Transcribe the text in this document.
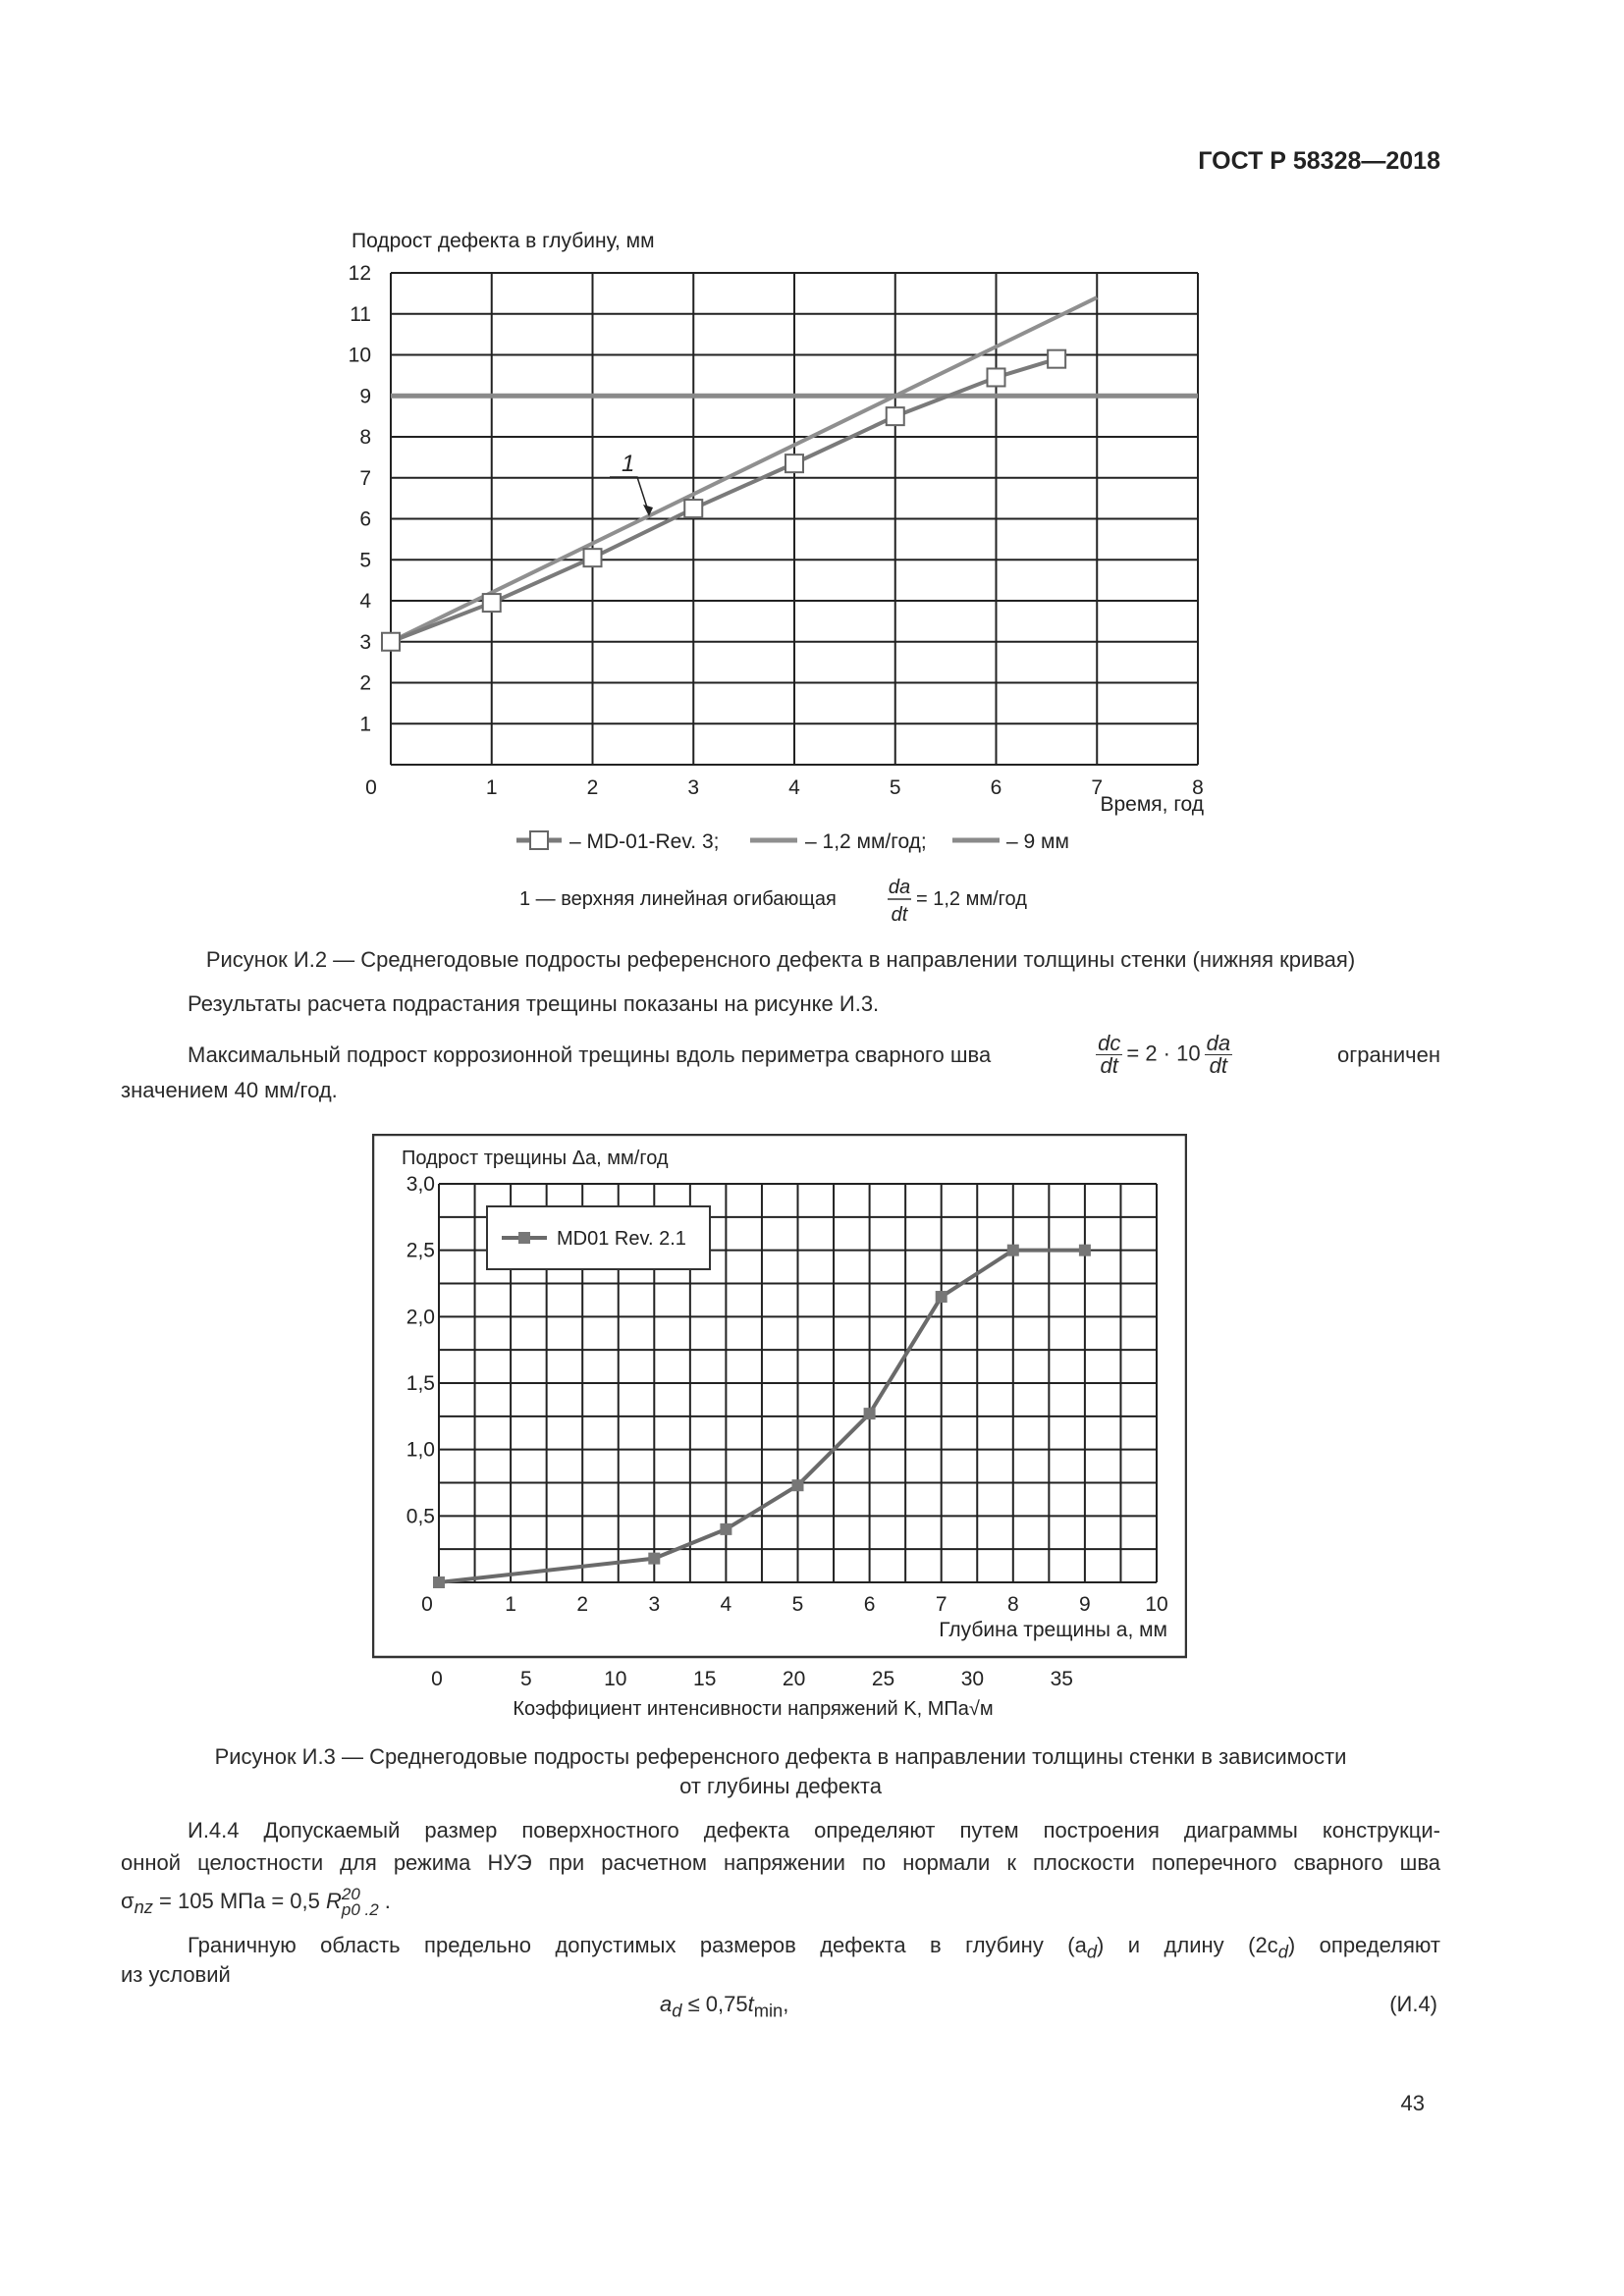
ГОСТ Р 58328—2018
0	1	2	3	4	5	6	7	8
1
2
3
4
5
6
7
8
9
10
11
12
Подрост дефекта в глубину, мм
Время, год
1
– MD-01-Rev. 3;	– 1,2 мм/год;	– 9 мм
1 — верхняя линейная огибающая
da
dt
= 1,2 мм/год
Рисунок И.2 — Среднегодовые подросты референсного дефекта в направлении толщины стенки (нижняя кривая)
Результаты расчета подрастания трещины показаны на рисунке И.3.
Максимальный подрост коррозионной трещины вдоль периметра сварного шва	$\frac{dc}{dt} = 2 \cdot 10 \frac{da}{dt}$	ограничен
значением 40 мм/год.
0	1	2	3	4	5	6	7	8	9	10
0,5
1,0
1,5
2,0
2,5
3,0
Подрост трещины Δa, мм/год
Глубина трещины a, мм
MD01 Rev. 2.1
0	5	10	15	20	25	30	35
Коэффициент интенсивности напряжений K, МПа√м
Рисунок И.3 — Среднегодовые подросты референсного дефекта в направлении толщины стенки в зависимости
от глубины дефекта
И.4.4 Допускаемый размер поверхностного дефекта определяют путем построения диаграммы конструкци-
онной целостности для режима НУЭ при расчетном напряжении по нормали к плоскости поперечного сварного шва
$\sigma_{nz} = 105$ МПа = 0,5 R 20
p0 .2 .
Граничную область предельно допустимых размеров дефекта в глубину $(a_d)$ и длину $(2c_d)$ определяют
из условий
$a_d \le 0,75t_{min}$,	(И.4)
43
